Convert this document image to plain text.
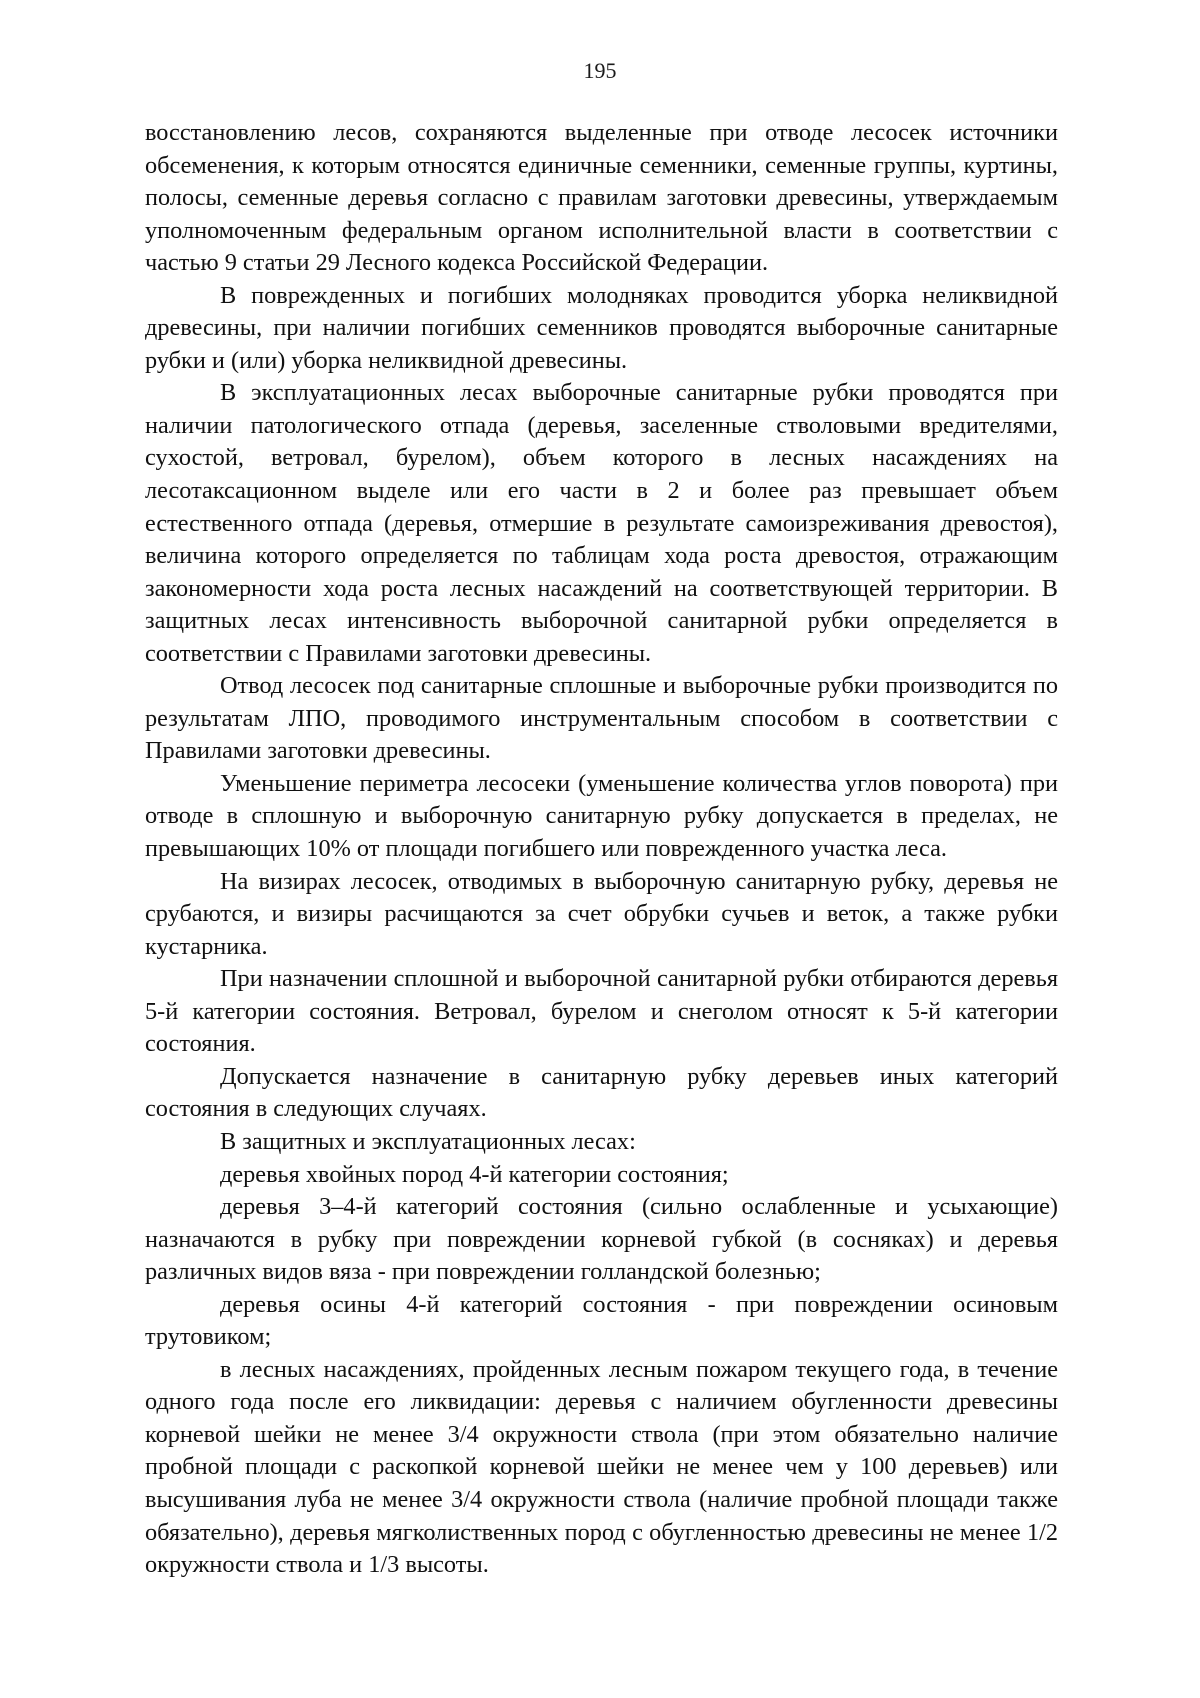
195

восстановлению лесов, сохраняются выделенные при отводе лесосек источники обсеменения, к которым относятся единичные семенники, семенные группы, куртины, полосы, семенные деревья согласно с правилам заготовки древесины, утверждаемым уполномоченным федеральным органом исполнительной власти в соответствии с частью 9 статьи 29 Лесного кодекса Российской Федерации.

В поврежденных и погибших молодняках проводится уборка неликвидной древесины, при наличии погибших семенников проводятся выборочные санитарные рубки и (или) уборка неликвидной древесины.

В эксплуатационных лесах выборочные санитарные рубки проводятся при наличии патологического отпада (деревья, заселенные стволовыми вредителями, сухостой, ветровал, бурелом), объем которого в лесных насаждениях на лесотаксационном выделе или его части в 2 и более раз превышает объем естественного отпада (деревья, отмершие в результате самоизреживания древостоя), величина которого определяется по таблицам хода роста древостоя, отражающим закономерности хода роста лесных насаждений на соответствующей территории. В защитных лесах интенсивность выборочной санитарной рубки определяется в соответствии с Правилами заготовки древесины.

Отвод лесосек под санитарные сплошные и выборочные рубки производится по результатам ЛПО, проводимого инструментальным способом в соответствии с Правилами заготовки древесины.

Уменьшение периметра лесосеки (уменьшение количества углов поворота) при отводе в сплошную и выборочную санитарную рубку допускается в пределах, не превышающих 10% от площади погибшего или поврежденного участка леса.

На визирах лесосек, отводимых в выборочную санитарную рубку, деревья не срубаются, и визиры расчищаются за счет обрубки сучьев и веток, а также рубки кустарника.

При назначении сплошной и выборочной санитарной рубки отбираются деревья 5-й категории состояния. Ветровал, бурелом и снеголом относят к 5-й категории состояния.

Допускается назначение в санитарную рубку деревьев иных категорий состояния в следующих случаях.

В защитных и эксплуатационных лесах:

деревья хвойных пород 4-й категории состояния;

деревья 3–4-й категорий состояния (сильно ослабленные и усыхающие) назначаются в рубку при повреждении корневой губкой (в сосняках) и деревья различных видов вяза - при повреждении голландской болезнью;

деревья осины 4-й категорий состояния - при повреждении осиновым трутовиком;

в лесных насаждениях, пройденных лесным пожаром текущего года, в течение одного года после его ликвидации: деревья с наличием обугленности древесины корневой шейки не менее 3/4 окружности ствола (при этом обязательно наличие пробной площади с раскопкой корневой шейки не менее чем у 100 деревьев) или высушивания луба не менее 3/4 окружности ствола (наличие пробной площади также обязательно), деревья мягколиственных пород с обугленностью древесины не менее 1/2 окружности ствола и 1/3 высоты.
